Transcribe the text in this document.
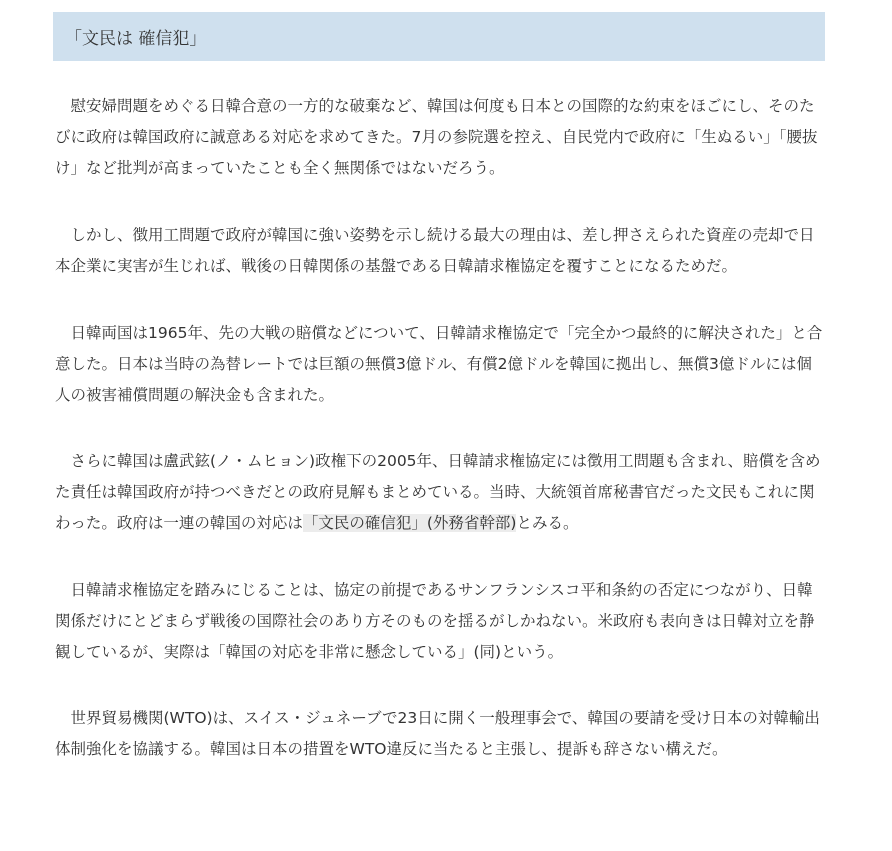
「文民は 確信犯」

慰安婦問題をめぐる日韓合意の一方的な破棄など、韓国は何度も日本との国際的な約束をほごにし、そのたびに政府は韓国政府に誠意ある対応を求めてきた。7月の参院選を控え、自民党内で政府に「生ぬるい」「腰抜け」など批判が高まっていたことも全く無関係ではないだろう。

しかし、徴用工問題で政府が韓国に強い姿勢を示し続ける最大の理由は、差し押さえられた資産の売却で日本企業に実害が生じれば、戦後の日韓関係の基盤である日韓請求権協定を覆すことになるためだ。

日韓両国は1965年、先の大戦の賠償などについて、日韓請求権協定で「完全かつ最終的に解決された」と合意した。日本は当時の為替レートでは巨額の無償3億ドル、有償2億ドルを韓国に拠出し、無償3億ドルには個人の被害補償問題の解決金も含まれた。

さらに韓国は盧武鉉(ノ・ムヒョン)政権下の2005年、日韓請求権協定には徴用工問題も含まれ、賠償を含めた責任は韓国政府が持つべきだとの政府見解もまとめている。当時、大統領首席秘書官だった文民もこれに関わった。政府は一連の韓国の対応は「文民の確信犯」(外務省幹部)とみる。

日韓請求権協定を踏みにじることは、協定の前提であるサンフランシスコ平和条約の否定につながり、日韓関係だけにとどまらず戦後の国際社会のあり方そのものを揺るがしかねない。米政府も表向きは日韓対立を静観しているが、実際は「韓国の対応を非常に懸念している」(同)という。

世界貿易機関(WTO)は、スイス・ジュネーブで23日に開く一般理事会で、韓国の要請を受け日本の対韓輸出体制強化を協議する。韓国は日本の措置をWTO違反に当たると主張し、提訴も辞さない構えだ。
